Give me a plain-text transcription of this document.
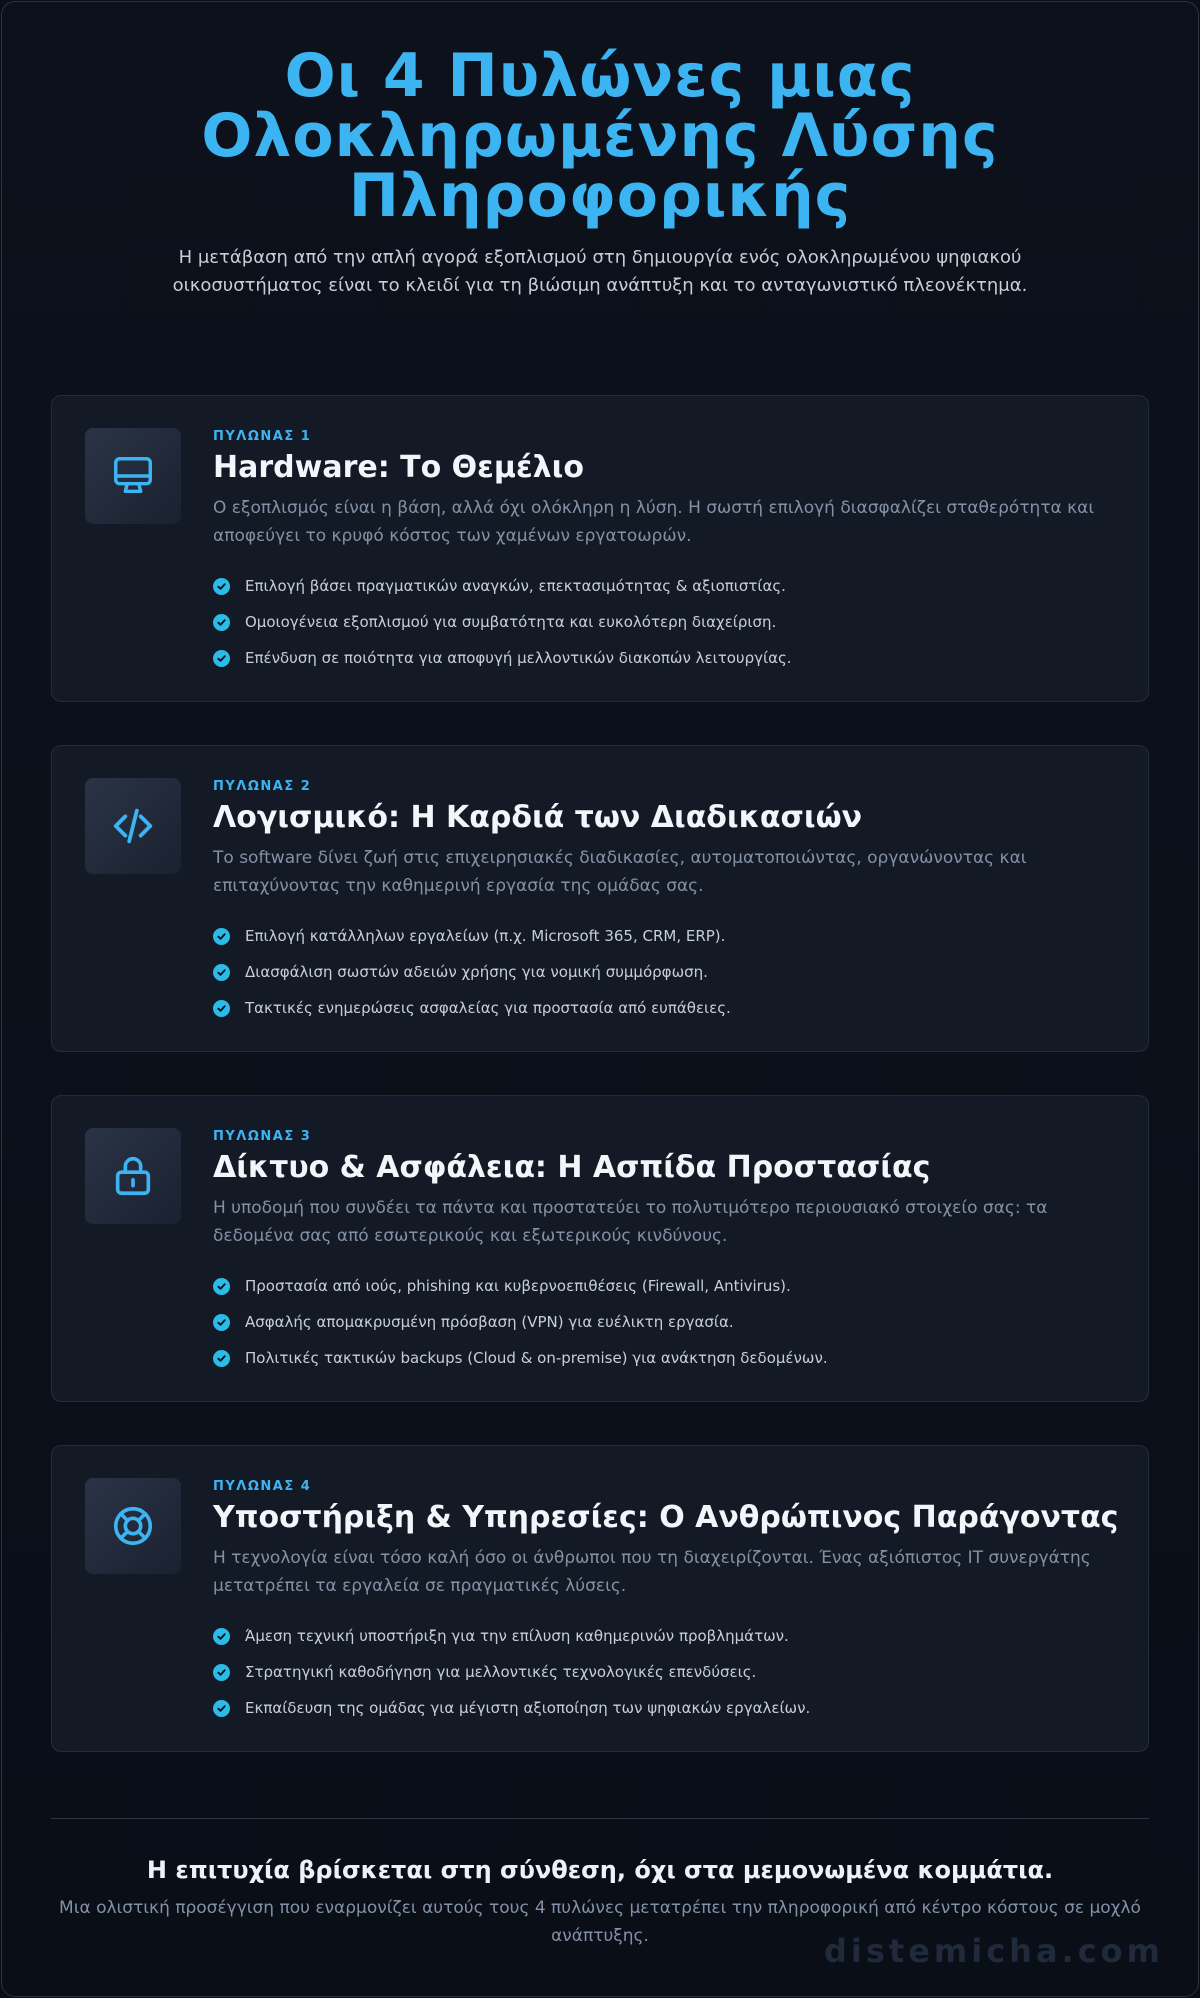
Οι 4 Πυλώνες μιας Ολοκληρωμένης Λύσης Πληροφορικής

Η μετάβαση από την απλή αγορά εξοπλισμού στη δημιουργία ενός ολοκληρωμένου ψηφιακού οικοσυστήματος είναι το κλειδί για τη βιώσιμη ανάπτυξη και το ανταγωνιστικό πλεονέκτημα.

ΠΥΛΩΝΑΣ 1
Hardware: Το Θεμέλιο
Ο εξοπλισμός είναι η βάση, αλλά όχι ολόκληρη η λύση. Η σωστή επιλογή διασφαλίζει σταθερότητα και αποφεύγει το κρυφό κόστος των χαμένων εργατοωρών.
Επιλογή βάσει πραγματικών αναγκών, επεκτασιμότητας & αξιοπιστίας.
Ομοιογένεια εξοπλισμού για συμβατότητα και ευκολότερη διαχείριση.
Επένδυση σε ποιότητα για αποφυγή μελλοντικών διακοπών λειτουργίας.
ΠΥΛΩΝΑΣ 2
Λογισμικό: Η Καρδιά των Διαδικασιών
Το software δίνει ζωή στις επιχειρησιακές διαδικασίες, αυτοματοποιώντας, οργανώνοντας και επιταχύνοντας την καθημερινή εργασία της ομάδας σας.
Επιλογή κατάλληλων εργαλείων (π.χ. Microsoft 365, CRM, ERP).
Διασφάλιση σωστών αδειών χρήσης για νομική συμμόρφωση.
Τακτικές ενημερώσεις ασφαλείας για προστασία από ευπάθειες.
ΠΥΛΩΝΑΣ 3
Δίκτυο & Ασφάλεια: Η Ασπίδα Προστασίας
Η υποδομή που συνδέει τα πάντα και προστατεύει το πολυτιμότερο περιουσιακό στοιχείο σας: τα δεδομένα σας από εσωτερικούς και εξωτερικούς κινδύνους.
Προστασία από ιούς, phishing και κυβερνοεπιθέσεις (Firewall, Antivirus).
Ασφαλής απομακρυσμένη πρόσβαση (VPN) για ευέλικτη εργασία.
Πολιτικές τακτικών backups (Cloud & on-premise) για ανάκτηση δεδομένων.
ΠΥΛΩΝΑΣ 4
Υποστήριξη & Υπηρεσίες: Ο Ανθρώπινος Παράγοντας
Η τεχνολογία είναι τόσο καλή όσο οι άνθρωποι που τη διαχειρίζονται. Ένας αξιόπιστος IT συνεργάτης μετατρέπει τα εργαλεία σε πραγματικές λύσεις.
Άμεση τεχνική υποστήριξη για την επίλυση καθημερινών προβλημάτων.
Στρατηγική καθοδήγηση για μελλοντικές τεχνολογικές επενδύσεις.
Εκπαίδευση της ομάδας για μέγιστη αξιοποίηση των ψηφιακών εργαλείων.
Η επιτυχία βρίσκεται στη σύνθεση, όχι στα μεμονωμένα κομμάτια.
Μια ολιστική προσέγγιση που εναρμονίζει αυτούς τους 4 πυλώνες μετατρέπει την πληροφορική από κέντρο κόστους σε μοχλό ανάπτυξης.	distemicha.com
